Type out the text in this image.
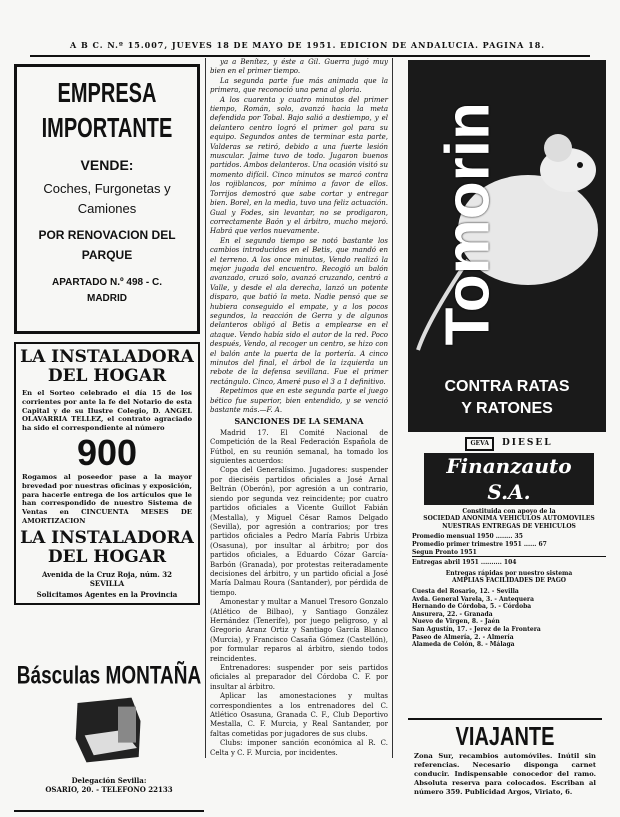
A B C. N.º 15.007, JUEVES 18 DE MAYO DE 1951. EDICION DE ANDALUCIA. PAGINA 18.
EMPRESA
IMPORTANTE
VENDE:
Coches, Furgonetas y Camiones
POR RENOVACION DEL PARQUE
APARTADO N.º 498 - C. MADRID
LA INSTALADORA
DEL HOGAR
En el Sorteo celebrado el día 15 de los corrientes por ante la fe del Notario de esta Capital y de su Ilustre Colegio, D. ANGEL OLAVARRIA TELLEZ, el contrato agraciado ha sido el correspondiente al número
900
Rogamos al poseedor pase a la mayor brevedad por nuestras oficinas y exposición, para hacerle entrega de los artículos que le han correspondido de nuestro Sistema de Ventas en CINCUENTA MESES DE AMORTIZACION
LA INSTALADORA
DEL HOGAR
Avenida de la Cruz Roja, núm. 32
SEVILLA
Solicitamos Agentes en la Provincia
Básculas MONTAÑA
Delegación Sevilla:
OSARIO, 20. - TELEFONO 22133

ya a Benítez, y éste a Gil. Guerra jugó muy bien en el primer tiempo.

La segunda parte fue más animada que la primera, que reconoció una pena al gloria.

A los cuarenta y cuatro minutos del primer tiempo, Román, solo, avanzó hacia la meta defendida por Tobal. Bajo salió a destiempo, y el delantero centro logró el primer gol para su equipo. Segundos antes de terminar esta parte, Valderas se retiró, debido a una fuerte lesión muscular. Jaime tuvo de todo. Jugaron buenos partidos. Ambos delanteros. Una ocasión visitó su momento difícil. Cinco minutos se marcó contra los rojiblancos, por mínimo a favor de ellos. Torrijos demostró que sabe cortar y entregar bien. Borel, en la media, tuvo una feliz actuación. Gual y Fodes, sin levantar, no se prodigaron, correctamente Baón y el árbitro, mucho mejoró. Habrá que verlos nuevamente.

En el segundo tiempo se notó bastante los cambios introducidos en el Betis, que mandó en el terreno. A los once minutos, Vendo realizó la mejor jugada del encuentro. Recogió un balón avanzado, cruzó solo, avanzó cruzando, centró a Valle, y desde el ala derecha, lanzó un potente disparo, que batió la meta. Nadie pensó que se hubiera conseguido el empate, y a los pocos segundos, la reacción de Gerra y de algunos delanteros obligó al Betis a emplearse en el ataque. Vendo había sido el autor de la red. Poco después, Vendo, al recoger un centro, se hizo con el balón ante la puerta de la portería. A cinco minutos del final, el árbol de la izquierda un rebote de la defensa sevillana. Fue el primer rectángulo. Cinco, Ameré puso el 3 a 1 definitivo.

Repetimos que en este segunda parte el juego bético fue superior, bien entendido, y se venció bastante más.—F. A.

SANCIONES DE LA SEMANA

Madrid 17. El Comité Nacional de Competición de la Real Federación Española de Fútbol, en su reunión semanal, ha tomado los siguientes acuerdos:

Copa del Generalísimo. Jugadores: suspender por dieciséis partidos oficiales a José Arnal Beltrán (Oberón), por agresión a un contrario, siendo por segunda vez reincidente; por cuatro partidos oficiales a Vicente Guillot Fabián (Mestalla), y Miguel César Ramos Delgado (Sevilla), por agresión a contrarios; por tres partidos oficiales a Pedro María Fabris Urbiza (Osasuna), por insultar al árbitro; por dos partidos oficiales, a Eduardo Cózar García-Barbón (Granada), por protestas reiteradamente decisiones del árbitro, y un partido oficial a José María Dalmau Roura (Santander), por pérdida de tiempo.

Amonestar y multar a Manuel Tresoro Gonzalo (Atlético de Bilbao), y Santiago González Hernández (Tenerife), por juego peligroso, y al Gregorio Aranz Ortiz y Santiago García Blanco (Murcia), y Francisco Casaña Gómez (Castellón), por formular reparos al árbitro, siendo todos reincidentes.

Entrenadores: suspender por seis partidos oficiales al preparador del Córdoba C. F. por insultar al árbitro.

Aplicar las amonestaciones y multas correspondientes a los entrenadores del C. Atlético Osasuna, Granada C. F., Club Deportivo Mestalla, C. F. Murcia, y Real Santander, por faltas cometidas por jugadores de sus clubs.

Clubs: imponer sanción económica al R. C. Celta y C. F. Murcia, por incidentes.

Tomorin
CONTRA RATAS
Y RATONES
GEVA	DIESEL
Finanzauto S.A.
Constituida con apoyo de la
SOCIEDAD ANONIMA VEHICULOS AUTOMOVILES
NUESTRAS ENTREGAS DE VEHICULOS
Promedio mensual 1950 ........ 35
Promedio primer trimestre 1951 ...... 67
Segun Pronto 1951
Entregas abril 1951 .......... 104
Entregas rápidas por nuestro sistema
AMPLIAS FACILIDADES DE PAGO
Cuesta del Rosario, 12. - Sevilla
Avda. General Varela, 3. - Antequera
Hernando de Córdoba, 5. - Córdoba
Ansurera, 22. - Granada
Nuevo de Virgen, 8. - Jaén
San Agustín, 17. - Jerez de la Frontera
Paseo de Almería, 2. - Almería
Alameda de Colón, 8. - Málaga
VIAJANTE
Zona Sur, recambios automóviles. Inútil sin referencias. Necesario disponga carnet conducir. Indispensable conocedor del ramo. Absoluta reserva para colocados. Escriban al número 359. Publicidad Argos, Viriato, 6.
